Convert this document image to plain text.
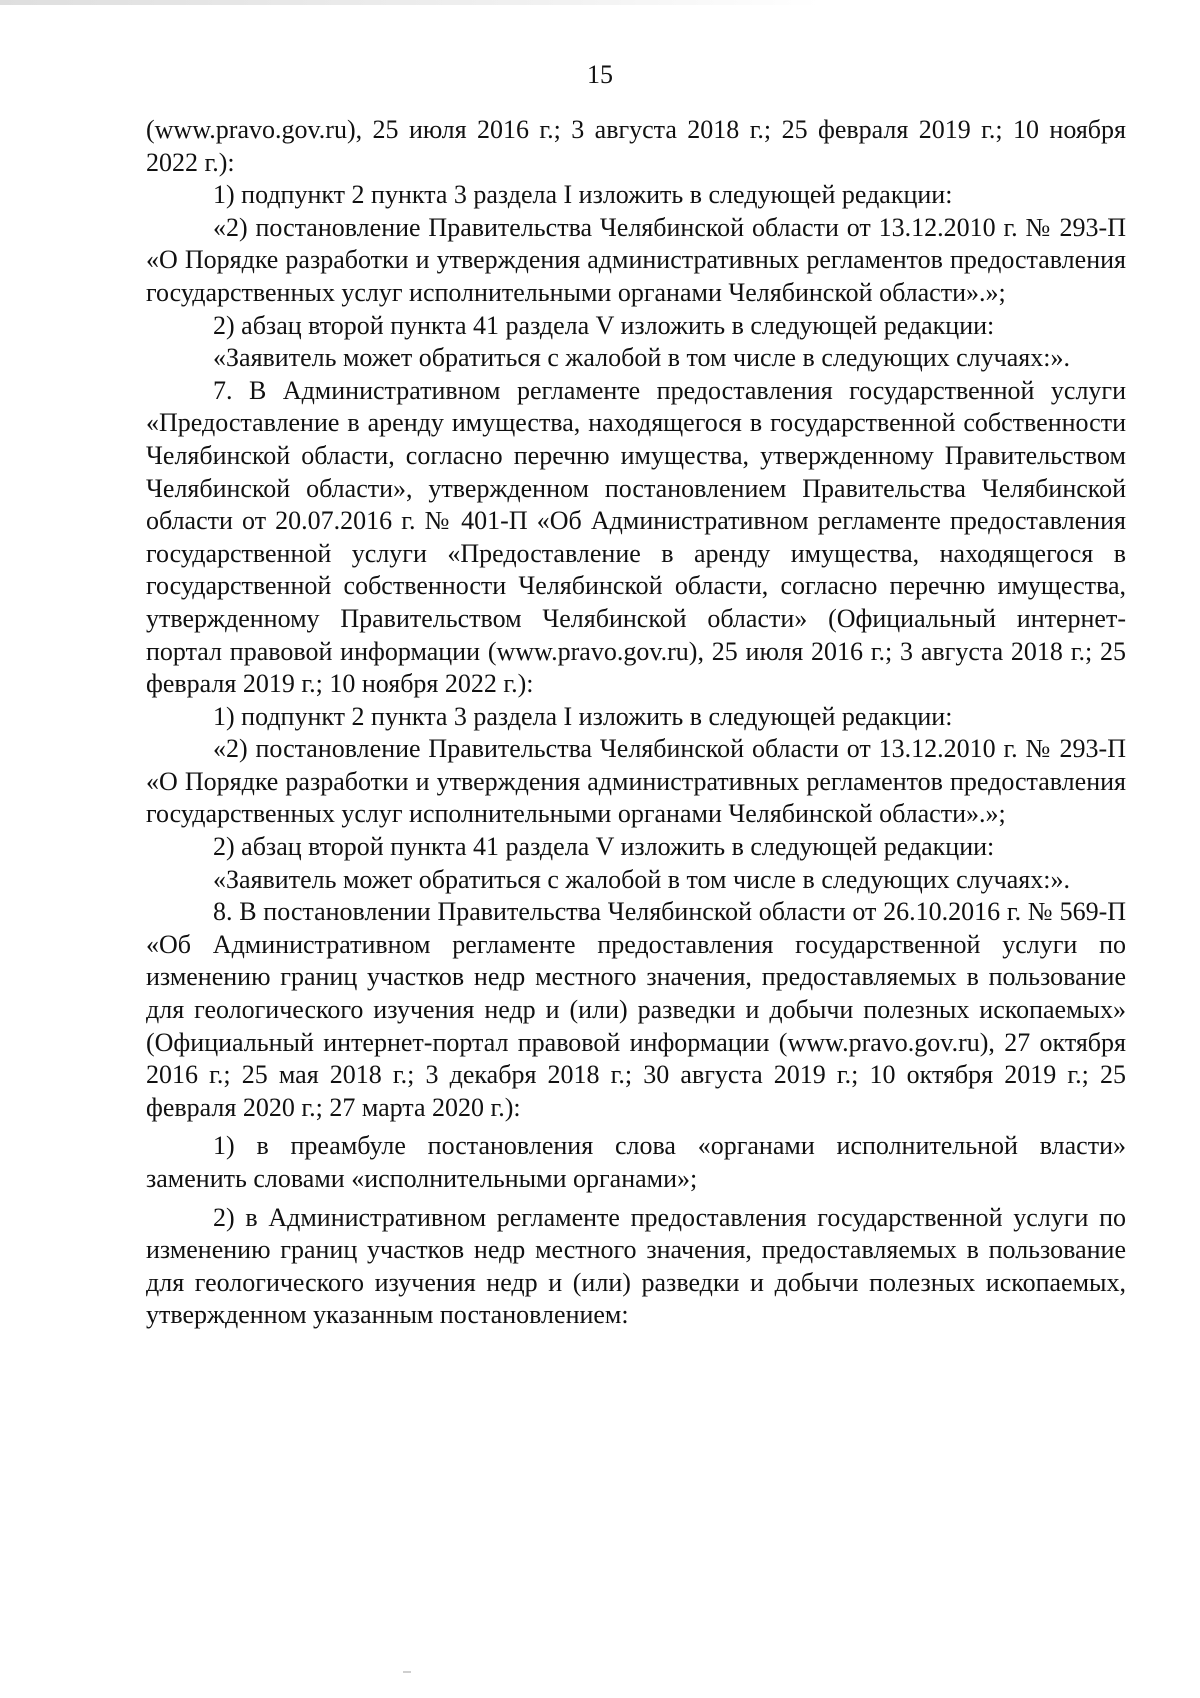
15

(www.pravo.gov.ru), 25 июля 2016 г.; 3 августа 2018 г.; 25 февраля 2019 г.; 10 ноября 2022 г.):

1) подпункт 2 пункта 3 раздела I изложить в следующей редакции:

«2) постановление Правительства Челябинской области от 13.12.2010 г. № 293-П «О Порядке разработки и утверждения административных регламентов предоставления государственных услуг исполнительными органами Челябинской области».»;

2) абзац второй пункта 41 раздела V изложить в следующей редакции:

«Заявитель может обратиться с жалобой в том числе в следующих случаях:».

7. В Административном регламенте предоставления государственной услуги «Предоставление в аренду имущества, находящегося в государственной собственности Челябинской области, согласно перечню имущества, утвержденному Правительством Челябинской области», утвержденном постановлением Правительства Челябинской области от 20.07.2016 г. № 401-П «Об Административном регламенте предоставления государственной услуги «Предоставление в аренду имущества, находящегося в государственной собственности Челябинской области, согласно перечню имущества, утвержденному Правительством Челябинской области» (Официальный интернет-портал правовой информации (www.pravo.gov.ru), 25 июля 2016 г.; 3 августа 2018 г.; 25 февраля 2019 г.; 10 ноября 2022 г.):

1) подпункт 2 пункта 3 раздела I изложить в следующей редакции:

«2) постановление Правительства Челябинской области от 13.12.2010 г. № 293-П «О Порядке разработки и утверждения административных регламентов предоставления государственных услуг исполнительными органами Челябинской области».»;

2) абзац второй пункта 41 раздела V изложить в следующей редакции:

«Заявитель может обратиться с жалобой в том числе в следующих случаях:».

8. В постановлении Правительства Челябинской области от 26.10.2016 г. № 569-П «Об Административном регламенте предоставления государственной услуги по изменению границ участков недр местного значения, предоставляемых в пользование для геологического изучения недр и (или) разведки и добычи полезных ископаемых» (Официальный интернет-портал правовой информации (www.pravo.gov.ru), 27 октября 2016 г.; 25 мая 2018 г.; 3 декабря 2018 г.; 30 августа 2019 г.; 10 октября 2019 г.; 25 февраля 2020 г.; 27 марта 2020 г.):

1) в преамбуле постановления слова «органами исполнительной власти» заменить словами «исполнительными органами»;

2) в Административном регламенте предоставления государственной услуги по изменению границ участков недр местного значения, предоставляемых в пользование для геологического изучения недр и (или) разведки и добычи полезных ископаемых, утвержденном указанным постановлением:
